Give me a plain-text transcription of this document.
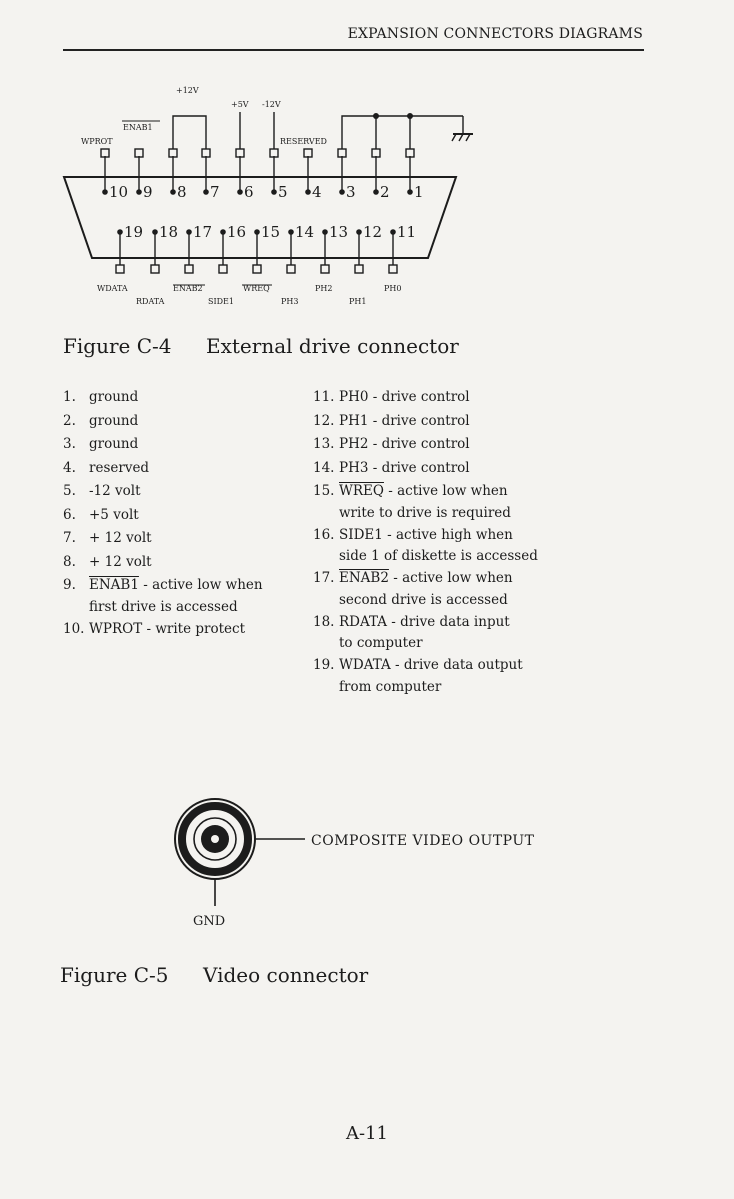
EXPANSION CONNECTORS DIAGRAMS
10 9 8 7 6 5 4 3 2 1
19 18 17 16 15 14 13 12 11
+12V
+5V -12V
ENAB1
WPROT	RESERVED
WDATA	ENAB2	WREQ	PH2	PH0
RDATA	SIDE1	PH3	PH1
Figure C-4 External drive connector
1. ground
2. ground
3. ground
4. reserved
5. -12 volt
6. +5 volt
7. + 12 volt
8. + 12 volt
9. ENAB1 - active low when
first drive is accessed
10. WPROT - write protect
11. PH0 - drive control
12. PH1 - drive control
13. PH2 - drive control
14. PH3 - drive control
15. WREQ - active low when
write to drive is required
16. SIDE1 - active high when
side 1 of diskette is accessed
17. ENAB2 - active low when
second drive is accessed
18. RDATA - drive data input
to computer
19. WDATA - drive data output
from computer
COMPOSITE VIDEO OUTPUT
GND
Figure C-5 Video connector
A-11
